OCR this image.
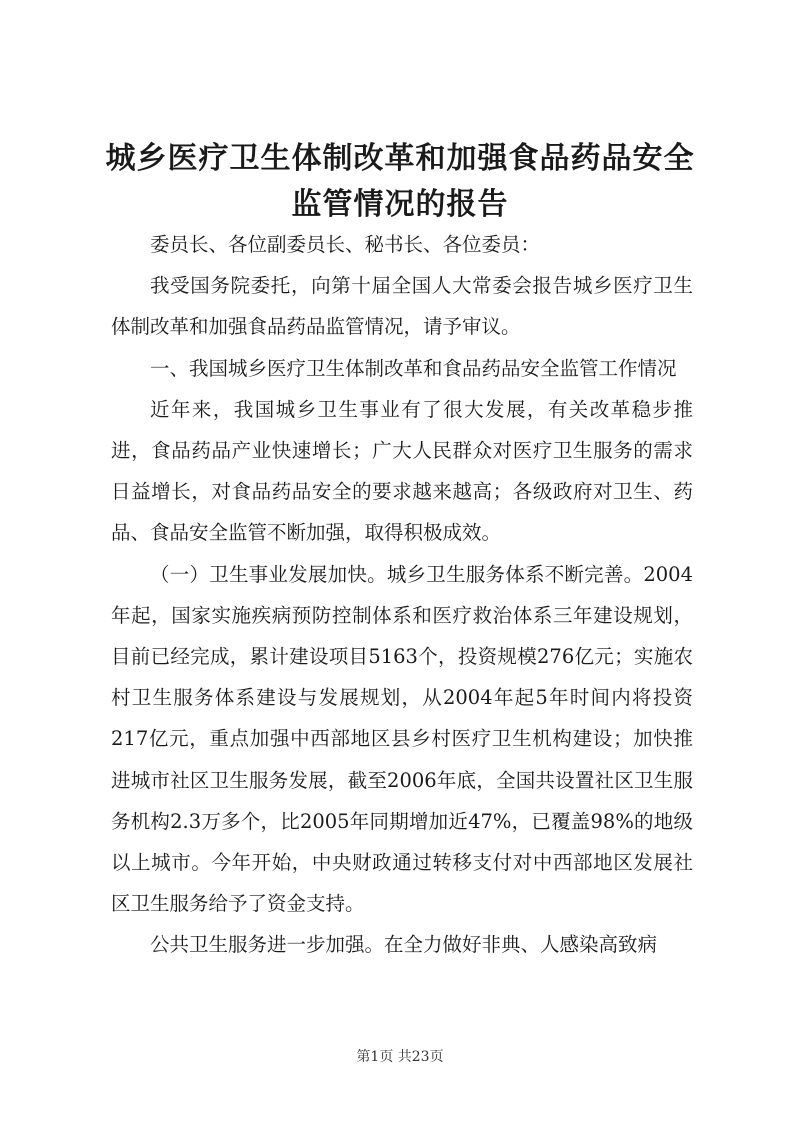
城乡医疗卫生体制改革和加强食品药品安全监管情况的报告

委员长、各位副委员长、秘书长、各位委员：

我受国务院委托，向第十届全国人大常委会报告城乡医疗卫生体制改革和加强食品药品监管情况，请予审议。

一、我国城乡医疗卫生体制改革和食品药品安全监管工作情况

近年来，我国城乡卫生事业有了很大发展，有关改革稳步推进，食品药品产业快速增长；广大人民群众对医疗卫生服务的需求日益增长，对食品药品安全的要求越来越高；各级政府对卫生、药品、食品安全监管不断加强，取得积极成效。

（一）卫生事业发展加快。城乡卫生服务体系不断完善。2004年起，国家实施疾病预防控制体系和医疗救治体系三年建设规划，目前已经完成，累计建设项目5163个，投资规模276亿元；实施农村卫生服务体系建设与发展规划，从2004年起5年时间内将投资217亿元，重点加强中西部地区县乡村医疗卫生机构建设；加快推进城市社区卫生服务发展，截至2006年底，全国共设置社区卫生服务机构2.3万多个，比2005年同期增加近47%，已覆盖98%的地级以上城市。今年开始，中央财政通过转移支付对中西部地区发展社区卫生服务给予了资金支持。

公共卫生服务进一步加强。在全力做好非典、人感染高致病

第1页 共23页
